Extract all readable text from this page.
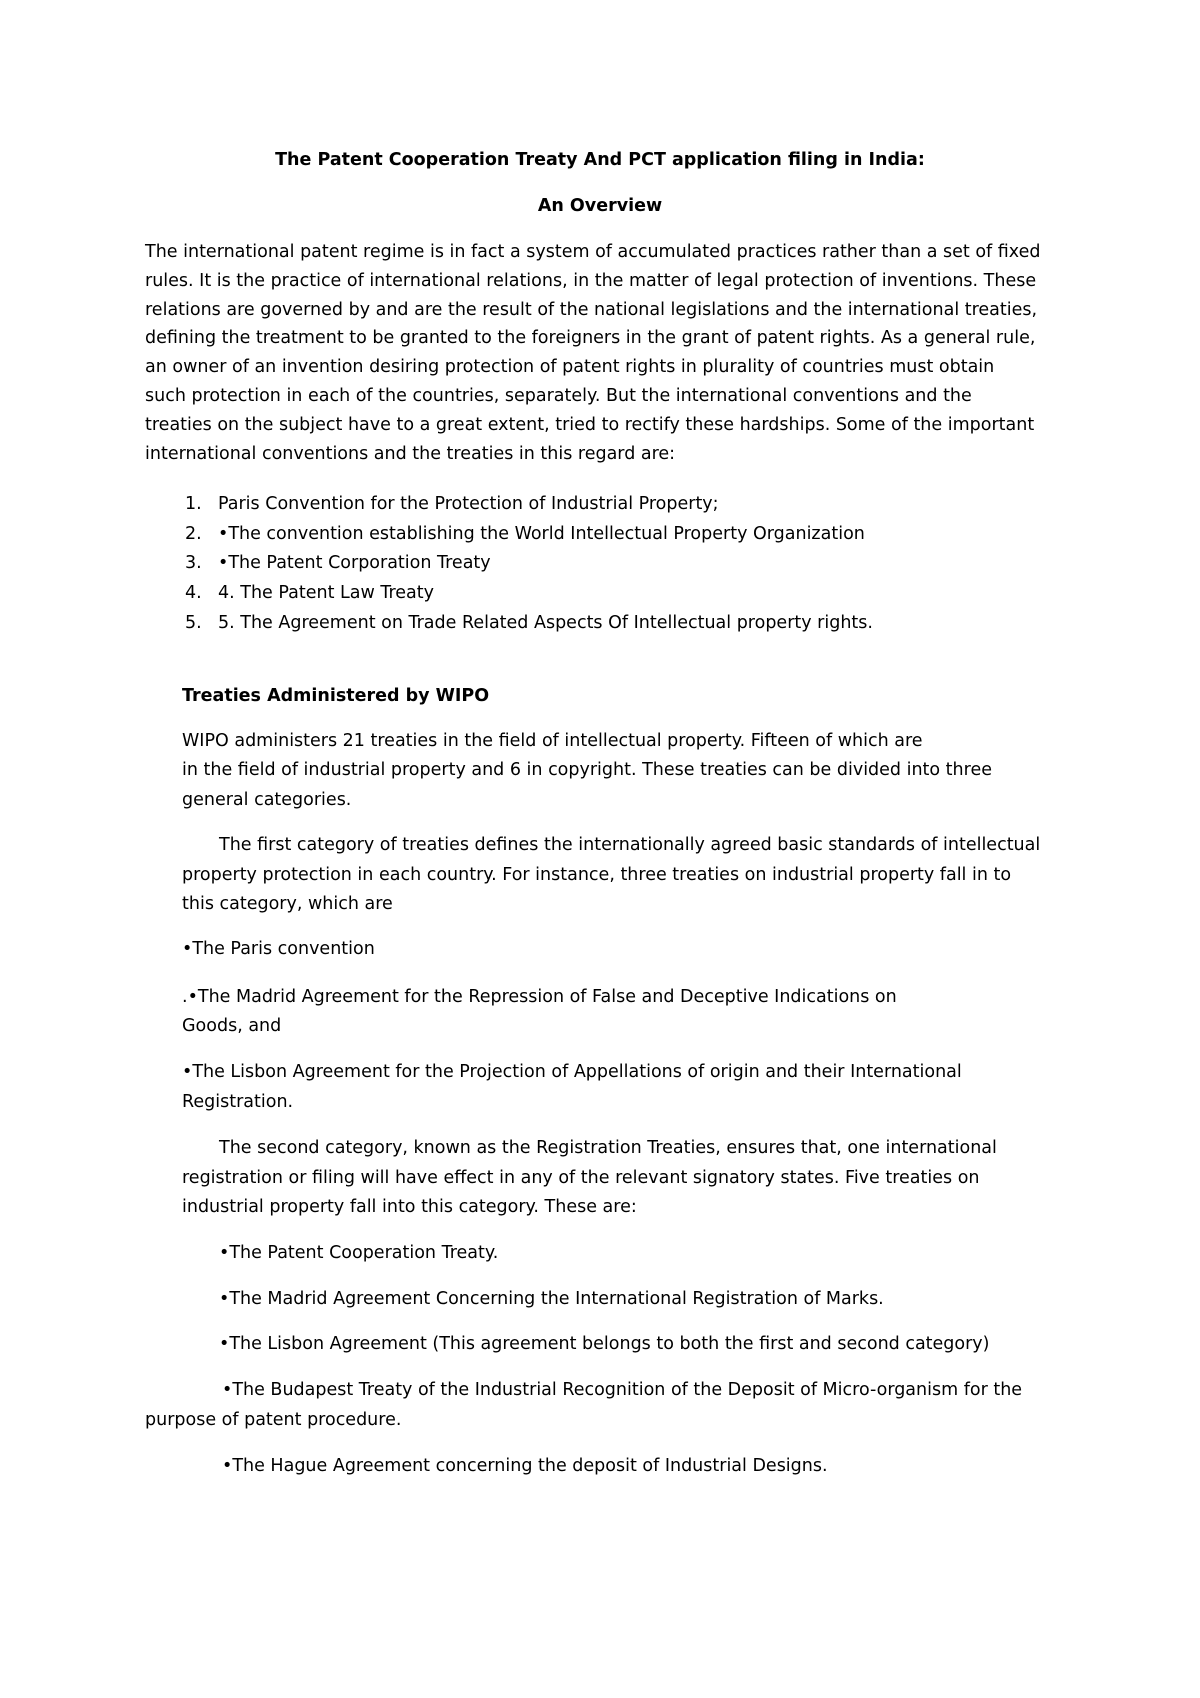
The Patent Cooperation Treaty And PCT application filing in India:
An Overview
The international patent regime is in fact a system of accumulated practices rather than a set of fixed
rules. It is the practice of international relations, in the matter of legal protection of inventions. These
relations are governed by and are the result of the national legislations and the international treaties,
defining the treatment to be granted to the foreigners in the grant of patent rights. As a general rule,
an owner of an invention desiring protection of patent rights in plurality of countries must obtain
such protection in each of the countries, separately. But the international conventions and the
treaties on the subject have to a great extent, tried to rectify these hardships. Some of the important
international conventions and the treaties in this regard are:
1. Paris Convention for the Protection of Industrial Property;
2. •The convention establishing the World Intellectual Property Organization
3. •The Patent Corporation Treaty
4. 4. The Patent Law Treaty
5. 5. The Agreement on Trade Related Aspects Of Intellectual property rights.
Treaties Administered by WIPO
WIPO administers 21 treaties in the field of intellectual property. Fifteen of which are
in the field of industrial property and 6 in copyright. These treaties can be divided into three
general categories.
The first category of treaties defines the internationally agreed basic standards of intellectual
property protection in each country. For instance, three treaties on industrial property fall in to
this category, which are
•The Paris convention
.•The Madrid Agreement for the Repression of False and Deceptive Indications on
Goods, and
•The Lisbon Agreement for the Projection of Appellations of origin and their International
Registration.
The second category, known as the Registration Treaties, ensures that, one international
registration or filing will have effect in any of the relevant signatory states. Five treaties on
industrial property fall into this category. These are:
•The Patent Cooperation Treaty.
•The Madrid Agreement Concerning the International Registration of Marks.
•The Lisbon Agreement (This agreement belongs to both the first and second category)
•The Budapest Treaty of the Industrial Recognition of the Deposit of Micro-organism for the
purpose of patent procedure.
•The Hague Agreement concerning the deposit of Industrial Designs.
